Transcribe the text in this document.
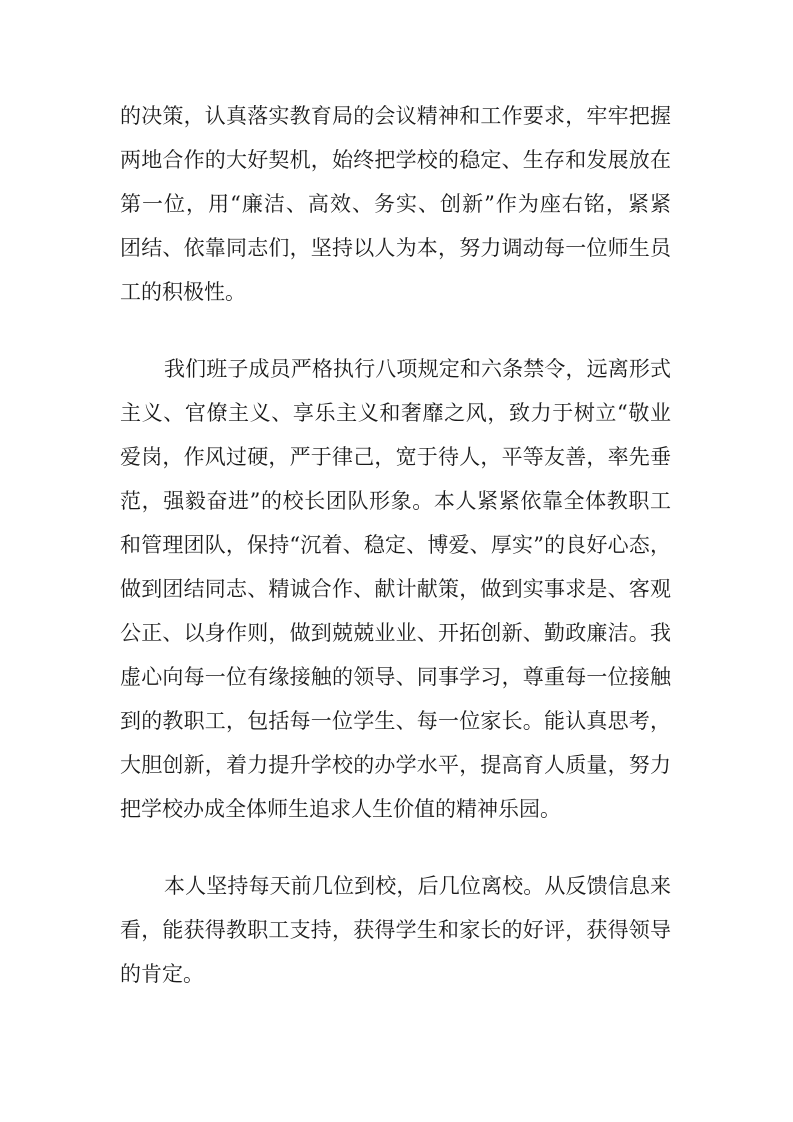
的决策，认真落实教育局的会议精神和工作要求，牢牢把握
两地合作的大好契机，始终把学校的稳定、生存和发展放在
第一位，用“廉洁、高效、务实、创新”作为座右铭，紧紧
团结、依靠同志们，坚持以人为本，努力调动每一位师生员
工的积极性。
我们班子成员严格执行八项规定和六条禁令，远离形式
主义、官僚主义、享乐主义和奢靡之风，致力于树立“敬业
爱岗，作风过硬，严于律己，宽于待人，平等友善，率先垂
范，强毅奋进”的校长团队形象。本人紧紧依靠全体教职工
和管理团队，保持“沉着、稳定、博爱、厚实”的良好心态，
做到团结同志、精诚合作、献计献策，做到实事求是、客观
公正、以身作则，做到兢兢业业、开拓创新、勤政廉洁。我
虚心向每一位有缘接触的领导、同事学习，尊重每一位接触
到的教职工，包括每一位学生、每一位家长。能认真思考，
大胆创新，着力提升学校的办学水平，提高育人质量，努力
把学校办成全体师生追求人生价值的精神乐园。
本人坚持每天前几位到校，后几位离校。从反馈信息来
看，能获得教职工支持，获得学生和家长的好评，获得领导
的肯定。
